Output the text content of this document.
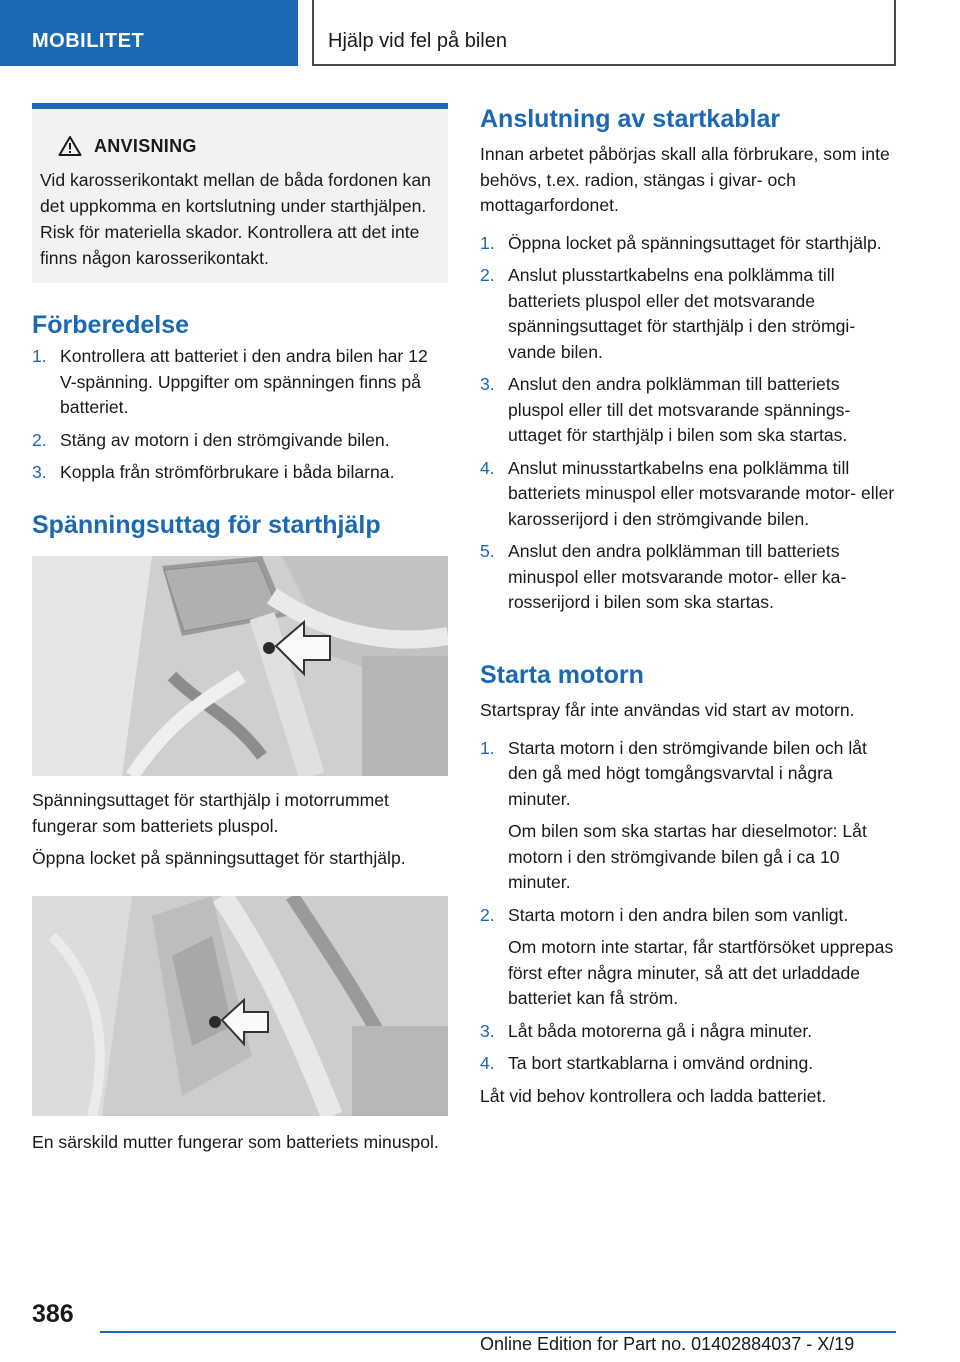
MOBILITET	Hjälp vid fel på bilen
ANVISNING
Vid karosserikontakt mellan de båda fordonen kan det uppkomma en kortslutning under starthjälpen. Risk för materiella skador. Kontrollera att det inte finns någon karosserikontakt.
Förberedelse
1. Kontrollera att batteriet i den andra bilen har 12 V-spänning. Uppgifter om spänningen finns på batteriet.
2. Stäng av motorn i den strömgivande bilen.
3. Koppla från strömförbrukare i båda bilarna.
Spänningsuttag för starthjälp
Spänningsuttaget för starthjälp i motorrummet fungerar som batteriets pluspol.
Öppna locket på spänningsuttaget för starthjälp.
En särskild mutter fungerar som batteriets minuspol.
Anslutning av startkablar
Innan arbetet påbörjas skall alla förbrukare, som inte behövs, t.ex. radion, stängas i givar- och mottagarfordonet.
1. Öppna locket på spänningsuttaget för starthjälp.
2. Anslut plusstartkabelns ena polklämma till batteriets pluspol eller det motsvarande spänningsuttaget för starthjälp i den strömgivande bilen.
3. Anslut den andra polklämman till batteriets pluspol eller till det motsvarande spänningsuttaget för starthjälp i bilen som ska startas.
4. Anslut minusstartkabelns ena polklämma till batteriets minuspol eller motsvarande motor- eller karosserijord i den strömgivande bilen.
5. Anslut den andra polklämman till batteriets minuspol eller motsvarande motor- eller karosserijord i bilen som ska startas.
Starta motorn
Startspray får inte användas vid start av motorn.
1. Starta motorn i den strömgivande bilen och låt den gå med högt tomgångsvarvtal i några minuter.
Om bilen som ska startas har dieselmotor: Låt motorn i den strömgivande bilen gå i ca 10 minuter.
2. Starta motorn i den andra bilen som vanligt.
Om motorn inte startar, får startförsöket upprepas först efter några minuter, så att det urladdade batteriet kan få ström.
3. Låt båda motorerna gå i några minuter.
4. Ta bort startkablarna i omvänd ordning.
Låt vid behov kontrollera och ladda batteriet.
386
Online Edition for Part no. 01402884037 - X/19
